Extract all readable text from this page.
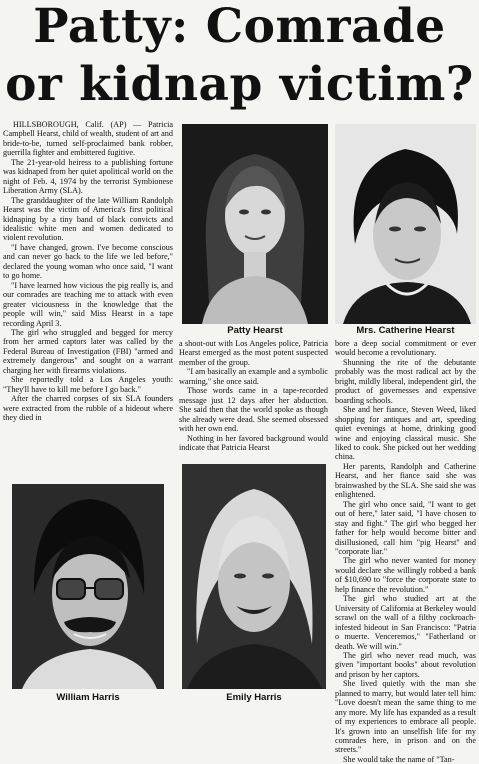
Patty: Comrade
or kidnap victim?

HILLSBOROUGH, Calif. (AP) — Patricia Campbell Hearst, child of wealth, student of art and bride-to-be, turned self-proclaimed bank robber, guerrilla fighter and embittered fugitive.

The 21-year-old heiress to a publishing fortune was kidnaped from her quiet apolitical world on the night of Feb. 4, 1974 by the terrorist Symbionese Liberation Army (SLA).

The granddaughter of the late William Randolph Hearst was the victim of America's first political kidnaping by a tiny band of black convicts and idealistic white men and women dedicated to violent revolution.

"I have changed, grown. I've become conscious and can never go back to the life we led before," declared the young woman who once said, "I want to go home.

"I have learned how vicious the pig really is, and our comrades are teaching me to attack with even greater viciousness in the knowledge that the people will win," said Miss Hearst in a tape recording April 3.

The girl who struggled and begged for mercy from her armed captors later was called by the Federal Bureau of Investigation (FBI) "armed and extremely dangerous" and sought on a warrant charging her with firearms violations.

She reportedly told a Los Angeles youth: "They'll have to kill me before I go back."

After the charred corpses of six SLA founders were extracted from the rubble of a hideout where they died in

a shoot-out with Los Angeles police, Patricia Hearst emerged as the most potent suspected member of the group.

"I am basically an example and a symbolic warning," she once said.

Those words came in a tape-recorded message just 12 days after her abduction. She said then that the world spoke as though she already were dead. She seemed obsessed with her own end.

Nothing in her favored background would indicate that Patricia Hearst

bore a deep social commitment or ever would become a revolutionary.

Shunning the rite of the debutante probably was the most radical act by the bright, mildly liberal, independent girl, the product of governesses and expensive boarding schools.

She and her fiance, Steven Weed, liked shopping for antiques and art, speeding quiet evenings at home, drinking good wine and enjoying classical music. She liked to cook. She picked out her wedding china.

Her parents, Randolph and Catherine Hearst, and her fiance said she was brainwashed by the SLA. She said she was enlightened.

The girl who once said, "I want to get out of here," later said, "I have chosen to stay and fight." The girl who begged her father for help would become bitter and disillusioned, call him "pig Hearst" and "corporate liar."

The girl who never wanted for money would declare she willingly robbed a bank of $10,690 to "force the corporate state to help finance the revolution."

The girl who studied art at the University of California at Berkeley would scrawl on the wall of a filthy cockroach-infested hideout in San Francisco: "Patria o muerte. Venceremos," "Fatherland or death. We will win."

The girl who never read much, was given "important books" about revolution and prison by her captors.

She lived quietly with the man she planned to marry, but would later tell him: "Love doesn't mean the same thing to me any more. My life has expanded as a result of my experiences to embrace all people. It's grown into an unselfish life for my comrades here, in prison and on the streets."

She would take the name of "Tan-

Patty Hearst	Mrs. Catherine Hearst
William Harris	Emily Harris
